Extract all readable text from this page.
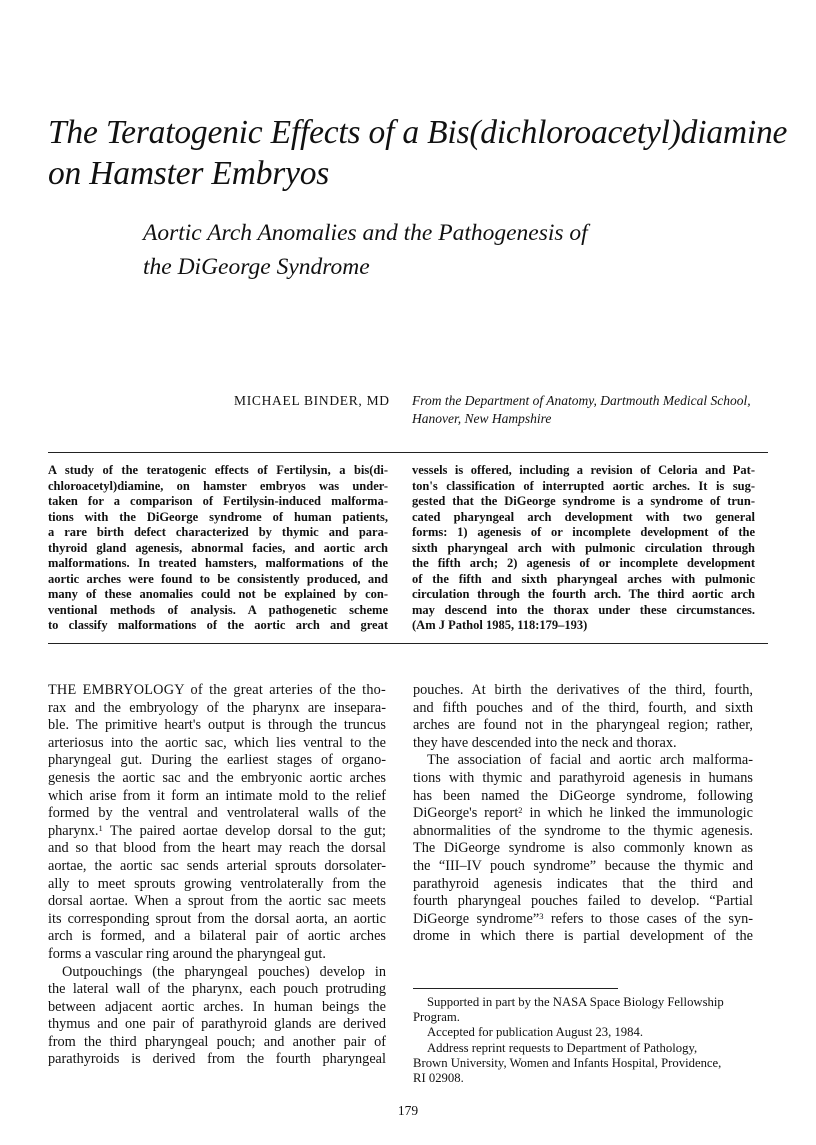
The Teratogenic Effects of a Bis(dichloroacetyl)diamine
on Hamster Embryos
Aortic Arch Anomalies and the Pathogenesis of
the DiGeorge Syndrome
MICHAEL BINDER, MD	From the Department of Anatomy, Dartmouth Medical School,
Hanover, New Hampshire
A study of the teratogenic effects of Fertilysin, a bis(di-
chloroacetyl)diamine, on hamster embryos was under-
taken for a comparison of Fertilysin-induced malforma-
tions with the DiGeorge syndrome of human patients,
a rare birth defect characterized by thymic and para-
thyroid gland agenesis, abnormal facies, and aortic arch
malformations. In treated hamsters, malformations of the
aortic arches were found to be consistently produced, and
many of these anomalies could not be explained by con-
ventional methods of analysis. A pathogenetic scheme
to classify malformations of the aortic arch and great
vessels is offered, including a revision of Celoria and Pat-
ton's classification of interrupted aortic arches. It is sug-
gested that the DiGeorge syndrome is a syndrome of trun-
cated pharyngeal arch development with two general
forms: 1) agenesis of or incomplete development of the
sixth pharyngeal arch with pulmonic circulation through
the fifth arch; 2) agenesis of or incomplete development
of the fifth and sixth pharyngeal arches with pulmonic
circulation through the fourth arch. The third aortic arch
may descend into the thorax under these circumstances.
(Am J Pathol 1985, 118:179–193)
THE EMBRYOLOGY of the great arteries of the tho-
rax and the embryology of the pharynx are insepara-
ble. The primitive heart's output is through the truncus
arteriosus into the aortic sac, which lies ventral to the
pharyngeal gut. During the earliest stages of organo-
genesis the aortic sac and the embryonic aortic arches
which arise from it form an intimate mold to the relief
formed by the ventral and ventrolateral walls of the
pharynx.$^1$ The paired aortae develop dorsal to the gut;
and so that blood from the heart may reach the dorsal
aortae, the aortic sac sends arterial sprouts dorsolater-
ally to meet sprouts growing ventrolaterally from the
dorsal aortae. When a sprout from the aortic sac meets
its corresponding sprout from the dorsal aorta, an aortic
arch is formed, and a bilateral pair of aortic arches
forms a vascular ring around the pharyngeal gut.
Outpouchings (the pharyngeal pouches) develop in
the lateral wall of the pharynx, each pouch protruding
between adjacent aortic arches. In human beings the
thymus and one pair of parathyroid glands are derived
from the third pharyngeal pouch; and another pair of
parathyroids is derived from the fourth pharyngeal
pouches. At birth the derivatives of the third, fourth,
and fifth pouches and of the third, fourth, and sixth
arches are found not in the pharyngeal region; rather,
they have descended into the neck and thorax.
The association of facial and aortic arch malforma-
tions with thymic and parathyroid agenesis in humans
has been named the DiGeorge syndrome, following
DiGeorge's report$^2$ in which he linked the immunologic
abnormalities of the syndrome to the thymic agenesis.
The DiGeorge syndrome is also commonly known as
the “III–IV pouch syndrome” because the thymic and
parathyroid agenesis indicates that the third and
fourth pharyngeal pouches failed to develop. “Partial
DiGeorge syndrome”$^3$ refers to those cases of the syn-
drome in which there is partial development of the
Supported in part by the NASA Space Biology Fellowship
Program.
Accepted for publication August 23, 1984.
Address reprint requests to Department of Pathology,
Brown University, Women and Infants Hospital, Providence,
RI 02908.
179
